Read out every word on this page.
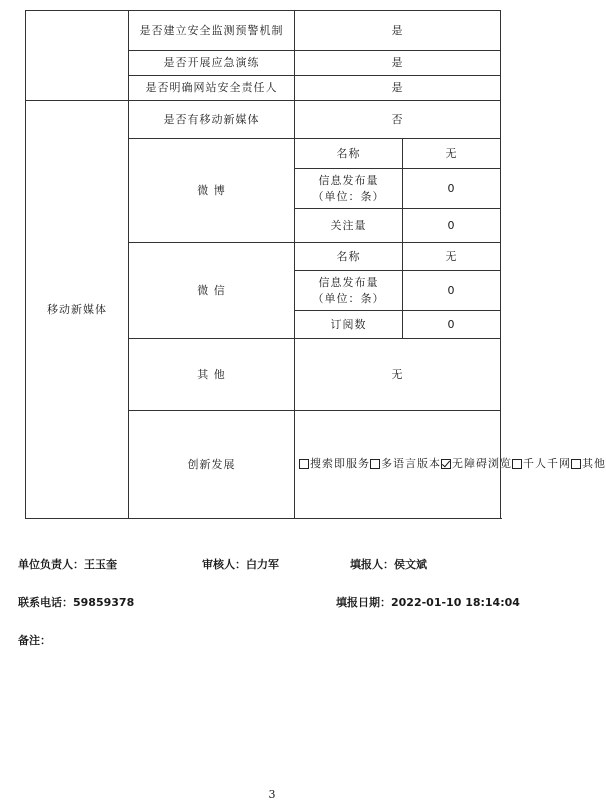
	是否建立安全监测预警机制	是	
	是否开展应急演练	是	
	是否明确网站安全责任人	是	
移动新媒体	是否有移动新媒体	否	
	微 博	名称	无

		信息发布量
（单位：条）	0
		关注量	0
	微 信	名称	无

		信息发布量
（单位：条）	0
		订阅数	0
	其 他	无	
	创新发展	搜索即服务 多语言版本 无障碍浏览 千人千网 其他	
单位负责人：王玉奎	审核人：白力军	填报人：侯文斌
联系电话：59859378	填报日期：2022-01-10 18:14:04
备注：
3
